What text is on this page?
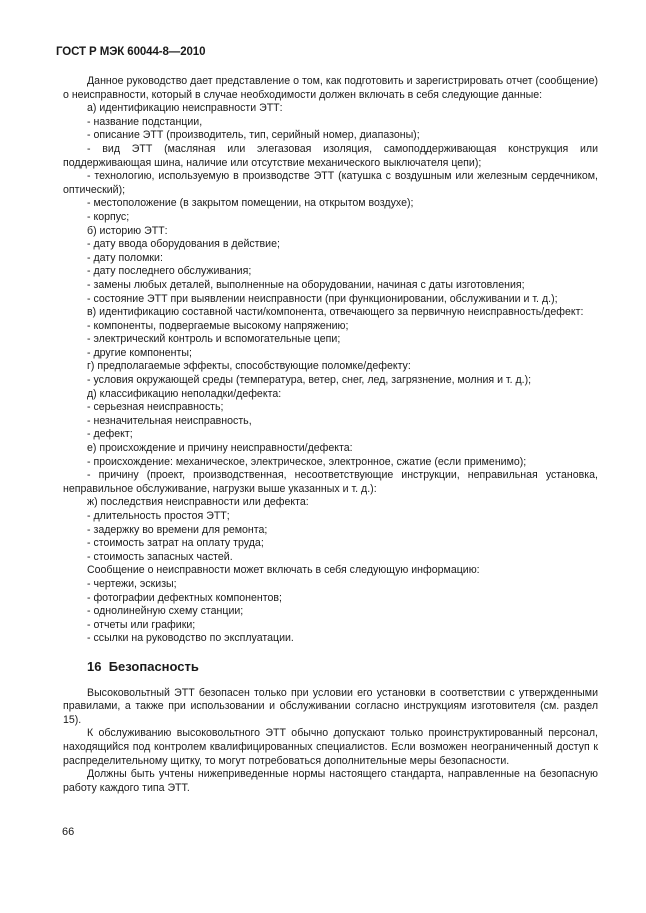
ГОСТ Р МЭК 60044-8—2010

Данное руководство дает представление о том, как подготовить и зарегистрировать отчет (сообщение) о неисправности, который в случае необходимости должен включать в себя следующие данные:

а) идентификацию неисправности ЭТТ:

- название подстанции,

- описание ЭТТ (производитель, тип, серийный номер, диапазоны);

- вид ЭТТ (масляная или элегазовая изоляция, самоподдерживающая конструкция или поддерживающая шина, наличие или отсутствие механического выключателя цепи);

- технологию, используемую в производстве ЭТТ (катушка с воздушным или железным сердечником, оптический);

- местоположение (в закрытом помещении, на открытом воздухе);

- корпус;

б) историю ЭТТ:

- дату ввода оборудования в действие;

- дату поломки:

- дату последнего обслуживания;

- замены любых деталей, выполненные на оборудовании, начиная с даты изготовления;

- состояние ЭТТ при выявлении неисправности (при функционировании, обслуживании и т. д.);

в) идентификацию составной части/компонента, отвечающего за первичную неисправность/дефект:

- компоненты, подвергаемые высокому напряжению;

- электрический контроль и вспомогательные цепи;

- другие компоненты;

г) предполагаемые эффекты, способствующие поломке/дефекту:

- условия окружающей среды (температура, ветер, снег, лед, загрязнение, молния и т. д.);

д) классификацию неполадки/дефекта:

- серьезная неисправность;

- незначительная неисправность,

- дефект;

е) происхождение и причину неисправности/дефекта:

- происхождение: механическое, электрическое, электронное, сжатие (если применимо);

- причину (проект, производственная, несоответствующие инструкции, неправильная установка, неправильное обслуживание, нагрузки выше указанных и т. д.):

ж) последствия неисправности или дефекта:

- длительность простоя ЭТТ;

- задержку во времени для ремонта;

- стоимость затрат на оплату труда;

- стоимость запасных частей.

Сообщение о неисправности может включать в себя следующую информацию:

- чертежи, эскизы;

- фотографии дефектных компонентов;

- однолинейную схему станции;

- отчеты или графики;

- ссылки на руководство по эксплуатации.

16 Безопасность

Высоковольтный ЭТТ безопасен только при условии его установки в соответствии с утвержденными правилами, а также при использовании и обслуживании согласно инструкциям изготовителя (см. раздел 15).

К обслуживанию высоковольтного ЭТТ обычно допускают только проинструктированный персонал, находящийся под контролем квалифицированных специалистов. Если возможен неограниченный доступ к распределительному щитку, то могут потребоваться дополнительные меры безопасности.

Должны быть учтены нижеприведенные нормы настоящего стандарта, направленные на безопасную работу каждого типа ЭТТ.

66
